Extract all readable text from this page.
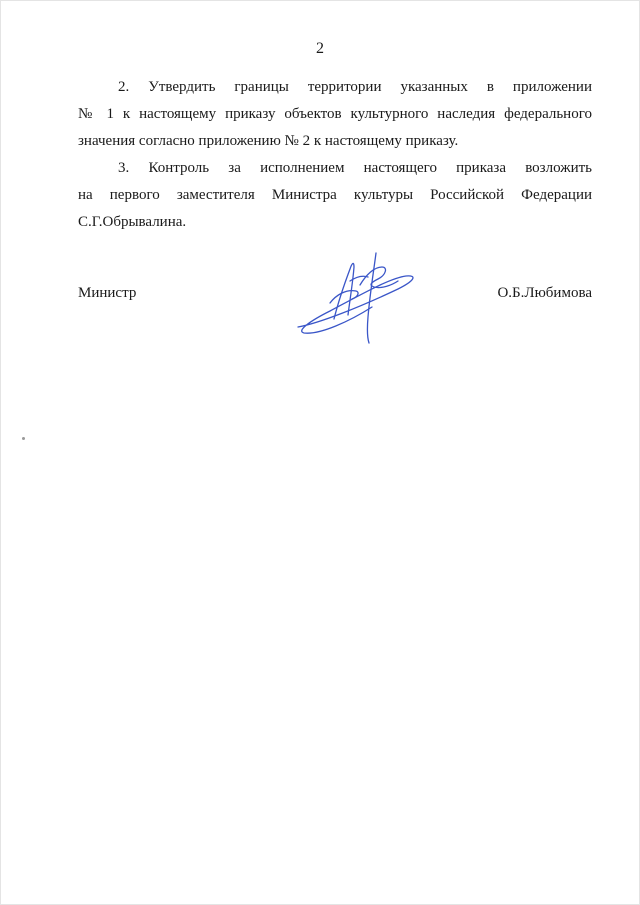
2
2. Утвердить границы территории указанных в приложении
№ 1 к настоящему приказу объектов культурного наследия федерального
значения согласно приложению № 2 к настоящему приказу.
3. Контроль за исполнением настоящего приказа возложить
на первого заместителя Министра культуры Российской Федерации
С.Г.Обрывалина.
Министр	О.Б.Любимова
